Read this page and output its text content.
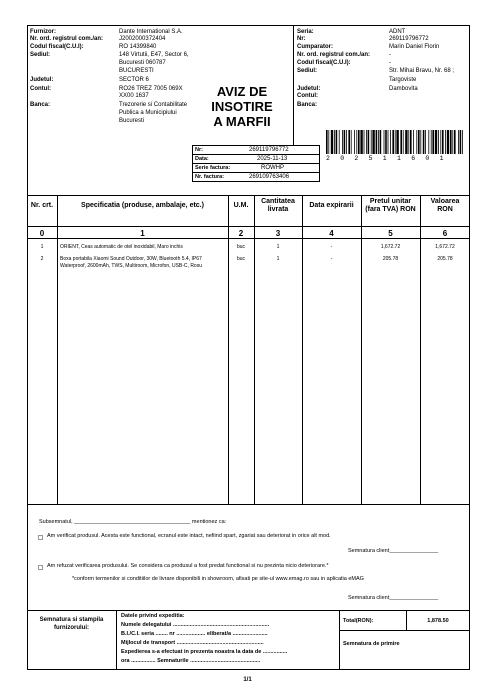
Furnizor:	Dante International S.A.
Nr. ord. registrul com./an:	J2002000372404
Codul fiscal(C.U.I):	RO 14399840
Sediul:	148 Virtutii, E47, Sector 6,
Bucuresti 060787
BUCURESTI
Judetul:	SECTOR 6
Contul:	RO26 TREZ 7005 069X
XX00 1637
Banca:	Trezorerie si Contabilitate
Publica a Municipiului
Bucuresti
AVIZ DE
INSOTIRE
A MARFII
Seria:	ADNT
Nr:	269119796772
Cumparator:	Marin Daniel Florin
Nr. ord. registrul com./an:	-
Codul fiscal(C.U.I):	-
Sediul:	Str. Mihai Bravu, Nr. 68 ;
Targoviste
Judetul:	Dambovita
Contul:
Banca:
Nr:	269119796772
Data:	2025-11-13
Serie factura:	ROWHP
Nr. factura:	269109763406
2 0 2 5 1 1 6 0 1
Nr. crt.	Specificatia (produse, ambalaje, etc.)	U.M.
Cantitatea
livrata
Data expirarii
Pretul unitar
(fara TVA) RON
Valoarea
RON
0	1	2	3	4	5	6
1	ORIENT, Ceas automatic de otel inoxidabil, Maro inchis	buc	1	-	1,672.72	1,672.72
2	Boxa portabila Xiaomi Sound Outdoor, 30W, Bluetooth 5.4, IP67
Waterproof, 2600mAh, TWS, Multiroom, Microfon, USB-C, Rosu
buc	1	-	205.78	205.78
Subsemnatul, ______________________________________ mentionez ca:
Am verificat produsul. Acesta este functional, ecranul este intact, nefiind spart, zgariat sau deteriorat in orice alt mod.
Semnatura client________________
Am refuzat verificarea produsului. Se considera ca produsul a fost predat functional si nu prezinta nicio deteriorare.*
*conform termenilor si conditiilor de livrare disponibili in showroom, afisati pe site-ul www.emag.ro sau in aplicatia eMAG
Semnatura client________________
Semnatura si stampila
furnizorului:
Datele privind expeditia:
Numele delegatului ...............................................................
B.I./C.I. seria ........ nr ................... eliberat/a .......................
Mijlocul de transport .........................................................
Expedierea s-a efectuat in prezenta noastra la data de ................
ora ................ Semnaturile ..............................................
Total(RON):	1,878.50
Semnatura de primire
1/1
